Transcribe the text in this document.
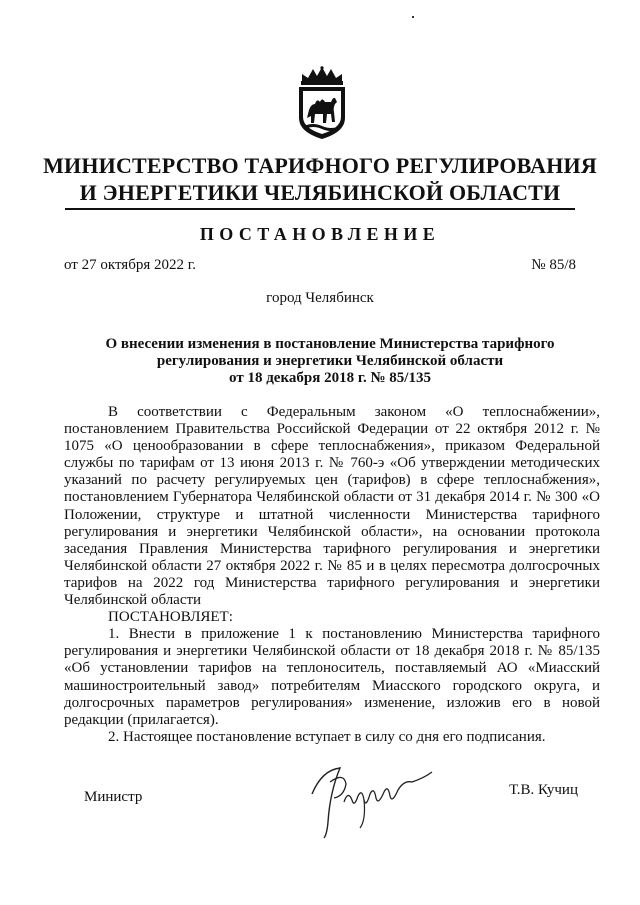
МИНИСТЕРСТВО ТАРИФНОГО РЕГУЛИРОВАНИЯ
И ЭНЕРГЕТИКИ ЧЕЛЯБИНСКОЙ ОБЛАСТИ
ПОСТАНОВЛЕНИЕ
от 27 октября 2022 г.	№ 85/8
город Челябинск
О внесении изменения в постановление Министерства тарифного
регулирования и энергетики Челябинской области
от 18 декабря 2018 г. № 85/135

В соответствии с Федеральным законом «О теплоснабжении», постановлением Правительства Российской Федерации от 22 октября 2012 г. № 1075 «О ценообразовании в сфере теплоснабжения», приказом Федеральной службы по тарифам от 13 июня 2013 г. № 760-э «Об утверждении методических указаний по расчету регулируемых цен (тарифов) в сфере теплоснабжения», постановлением Губернатора Челябинской области от 31 декабря 2014 г. № 300 «О Положении, структуре и штатной численности Министерства тарифного регулирования и энергетики Челябинской области», на основании протокола заседания Правления Министерства тарифного регулирования и энергетики Челябинской области 27 октября 2022 г. № 85 и в целях пересмотра долгосрочных тарифов на 2022 год Министерства тарифного регулирования и энергетики Челябинской области

ПОСТАНОВЛЯЕТ:

1. Внести в приложение 1 к постановлению Министерства тарифного регулирования и энергетики Челябинской области от 18 декабря 2018 г. № 85/135 «Об установлении тарифов на теплоноситель, поставляемый АО «Миасский машиностроительный завод» потребителям Миасского городского округа, и долгосрочных параметров регулирования» изменение, изложив его в новой редакции (прилагается).

2. Настоящее постановление вступает в силу со дня его подписания.

Министр	Т.В. Кучиц
